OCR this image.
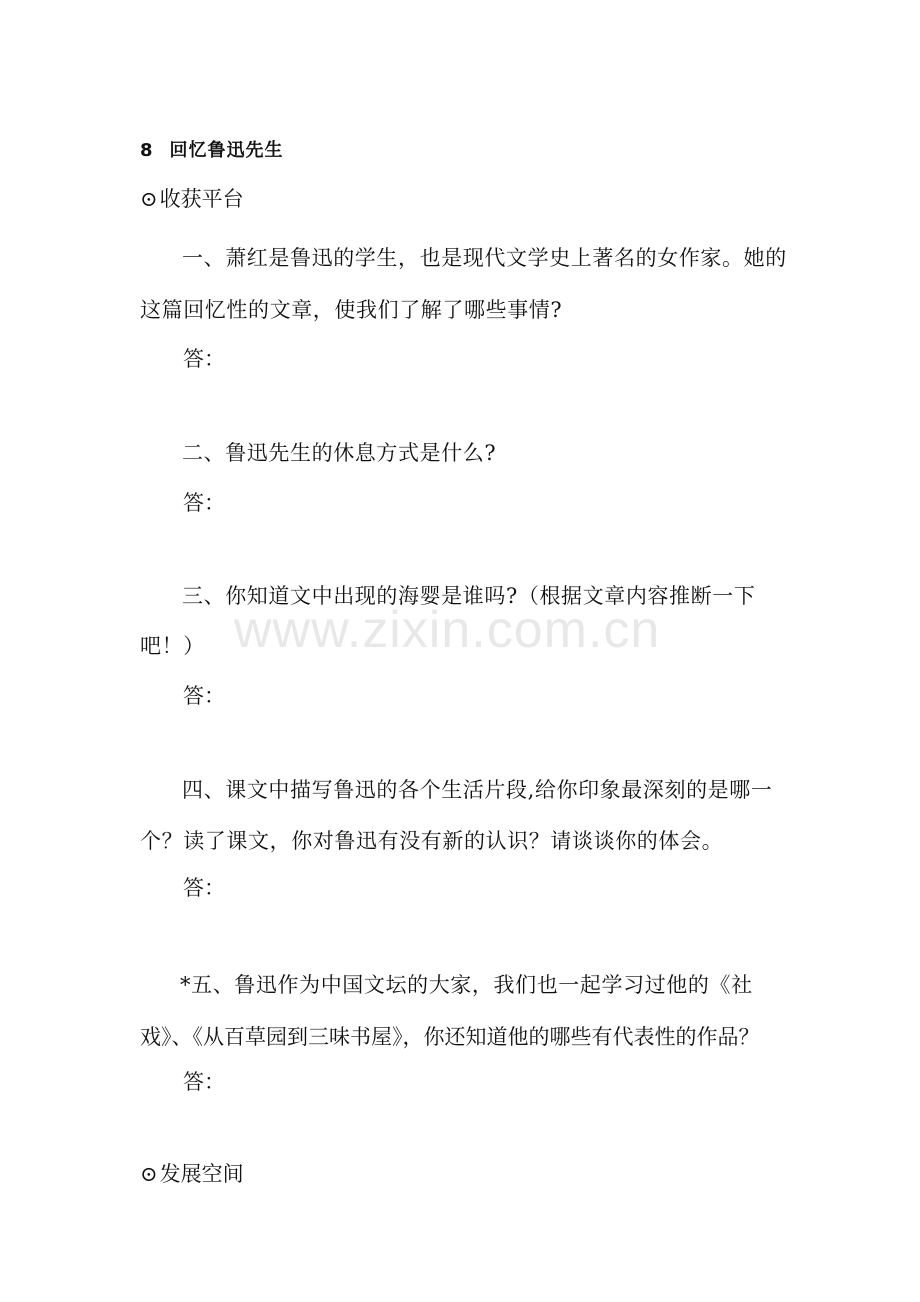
8 回忆鲁迅先生
⊙收获平台
一、萧红是鲁迅的学生，也是现代文学史上著名的女作家。她的
这篇回忆性的文章，使我们了解了哪些事情?
答：
二、鲁迅先生的休息方式是什么?
答：
三、你知道文中出现的海婴是谁吗?（根据文章内容推断一下
吧！）
答：
四、课文中描写鲁迅的各个生活片段,给你印象最深刻的是哪一
个？读了课文，你对鲁迅有没有新的认识？请谈谈你的体会。
答：
*五、鲁迅作为中国文坛的大家，我们也一起学习过他的《社
戏》、《从百草园到三味书屋》，你还知道他的哪些有代表性的作品？
答：
⊙发展空间
www.zixin.com.cn
